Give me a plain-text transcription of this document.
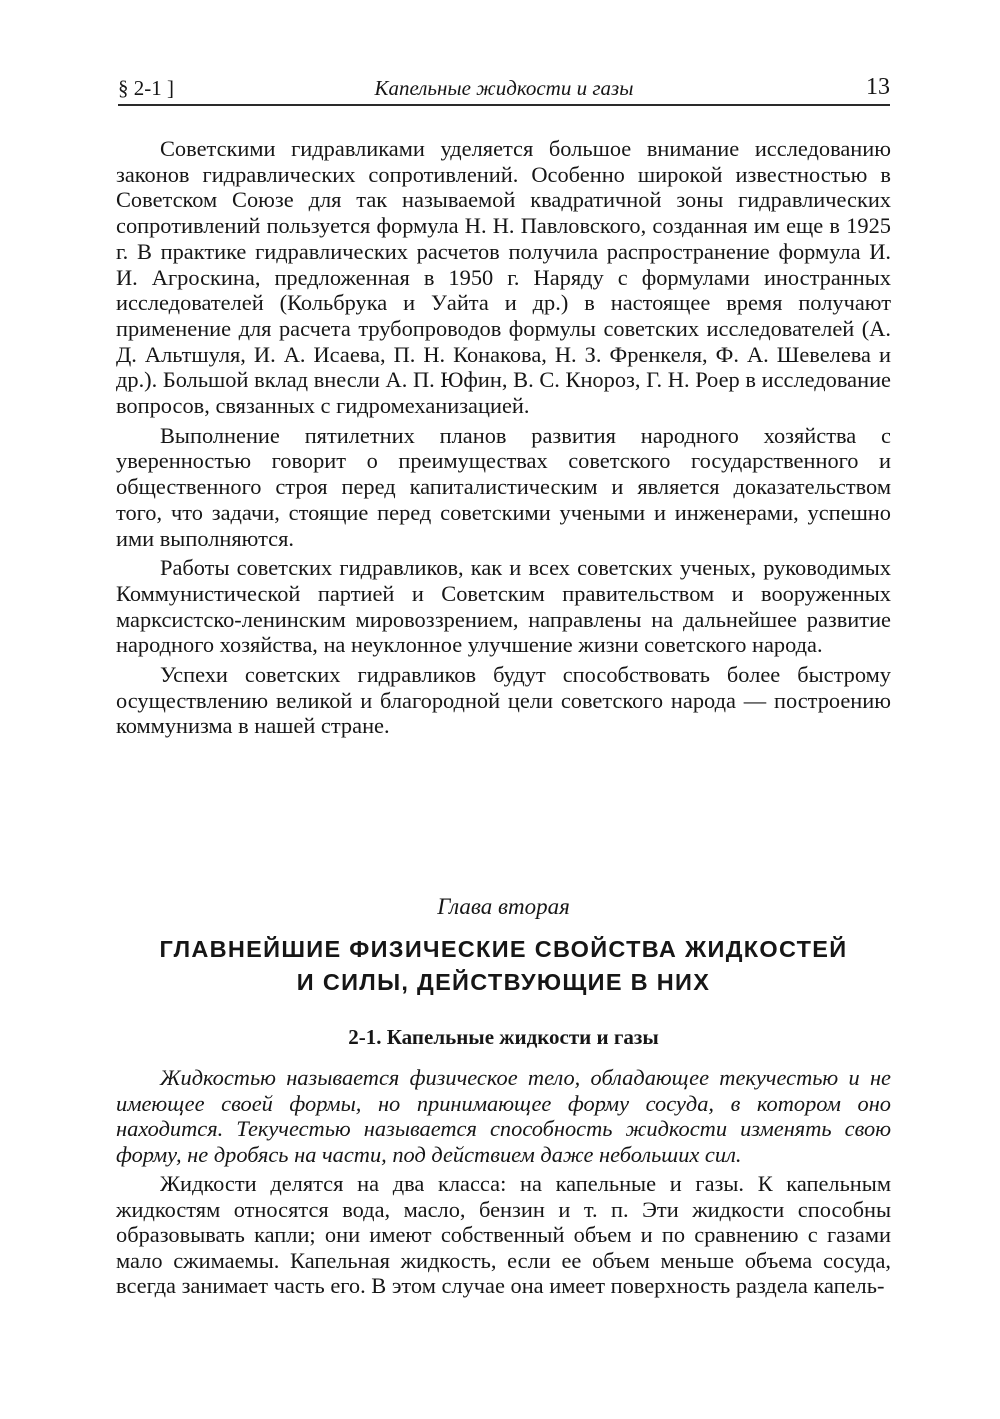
§ 2-1 ]	Капельные жидкости и газы	13

Советскими гидравликами уделяется большое внимание исследованию законов гидравлических сопротивлений. Особенно широкой известностью в Советском Союзе для так называемой квадратичной зоны гидравлических сопротивлений пользуется формула Н. Н. Павловского, созданная им еще в 1925 г. В практике гидравлических расчетов получила распространение формула И. И. Агроскина, предложенная в 1950 г. Наряду с формулами иностранных исследователей (Кольбрука и Уайта и др.) в настоящее время получают применение для расчета трубопроводов формулы советских исследователей (А. Д. Альтшуля, И. А. Исаева, П. Н. Конакова, Н. З. Френкеля, Ф. А. Шевелева и др.). Большой вклад внесли А. П. Юфин, В. С. Кнороз, Г. Н. Роер в исследование вопросов, связанных с гидромеханизацией.

Выполнение пятилетних планов развития народного хозяйства с уверенностью говорит о преимуществах советского государственного и общественного строя перед капиталистическим и является доказательством того, что задачи, стоящие перед советскими учеными и инженерами, успешно ими выполняются.

Работы советских гидравликов, как и всех советских ученых, руководимых Коммунистической партией и Советским правительством и вооруженных марксистско-ленинским мировоззрением, направлены на дальнейшее развитие народного хозяйства, на неуклонное улучшение жизни советского народа.

Успехи советских гидравликов будут способствовать более быстрому осуществлению великой и благородной цели советского народа — построению коммунизма в нашей стране.

Глава вторая
ГЛАВНЕЙШИЕ ФИЗИЧЕСКИЕ СВОЙСТВА ЖИДКОСТЕЙ
И СИЛЫ, ДЕЙСТВУЮЩИЕ В НИХ
2-1. Капельные жидкости и газы
Жидкостью называется физическое тело, обладающее текучестью и не имеющее своей формы, но принимающее форму сосуда, в котором оно находится. Текучестью называется способность жидкости изменять свою форму, не дробясь на части, под действием даже небольших сил.
Жидкости делятся на два класса: на капельные и газы. К капельным жидкостям относятся вода, масло, бензин и т. п. Эти жидкости способны образовывать капли; они имеют собственный объем и по сравнению с газами мало сжимаемы. Капельная жидкость, если ее объем меньше объема сосуда, всегда занимает часть его. В этом случае она имеет поверхность раздела капель-
